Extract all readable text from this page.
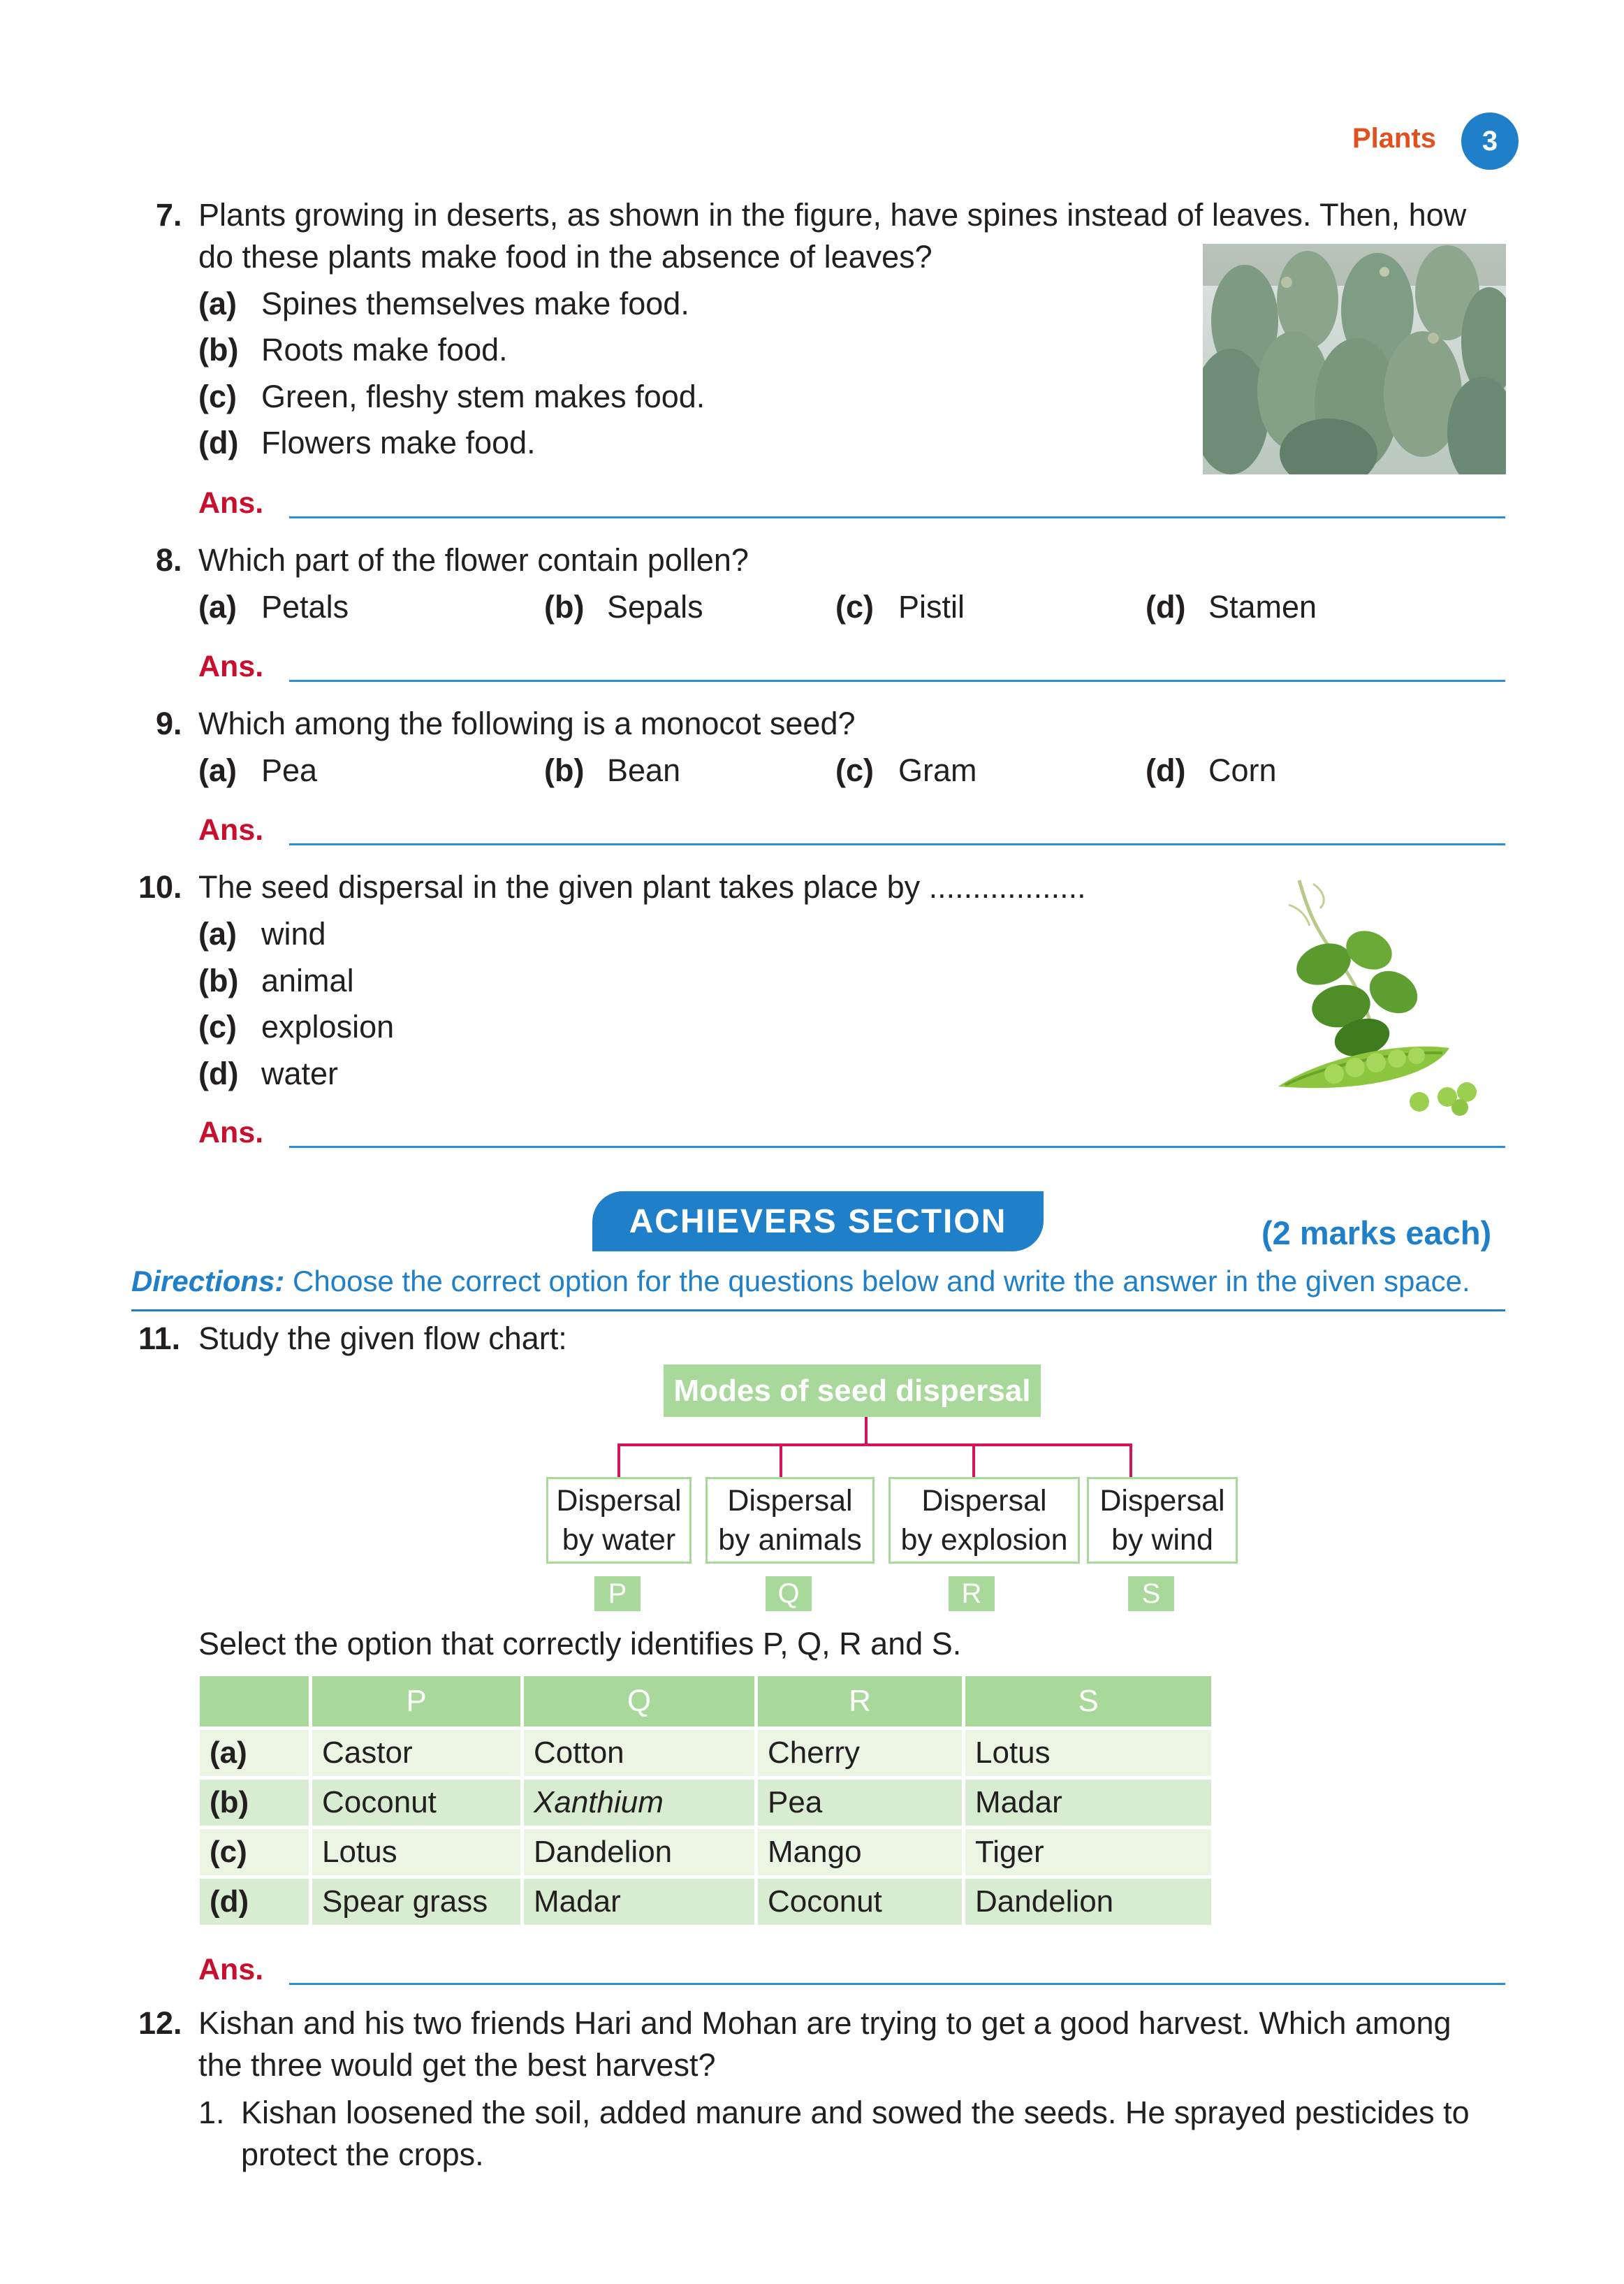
Plants	3
7. Plants growing in deserts, as shown in the figure, have spines instead of leaves. Then, how
do these plants make food in the absence of leaves?
(a) Spines themselves make food.
(b) Roots make food.
(c) Green, fleshy stem makes food.
(d) Flowers make food.
Ans.
8. Which part of the flower contain pollen?
(a) Petals	(b) Sepals	(c) Pistil	(d) Stamen
Ans.
9. Which among the following is a monocot seed?
(a) Pea	(b) Bean	(c) Gram	(d) Corn
Ans.
10. The seed dispersal in the given plant takes place by ..................
(a) wind
(b) animal
(c) explosion
(d) water
Ans.
ACHIEVERS SECTION	(2 marks each)
Directions: Choose the correct option for the questions below and write the answer in the given space.
11. Study the given flow chart:
Modes of seed dispersal
Dispersal
by water
Dispersal
by animals
Dispersal
by explosion
Dispersal
by wind
P	Q	R	S
Select the option that correctly identifies P, Q, R and S.
	P	Q	R	S
(a)	Castor	Cotton	Cherry	Lotus
(b)	Coconut	Xanthium	Pea	Madar
(c)	Lotus	Dandelion	Mango	Tiger
(d)	Spear grass	Madar	Coconut	Dandelion
Ans.
12. Kishan and his two friends Hari and Mohan are trying to get a good harvest. Which among
the three would get the best harvest?
1. Kishan loosened the soil, added manure and sowed the seeds. He sprayed pesticides to
protect the crops.
